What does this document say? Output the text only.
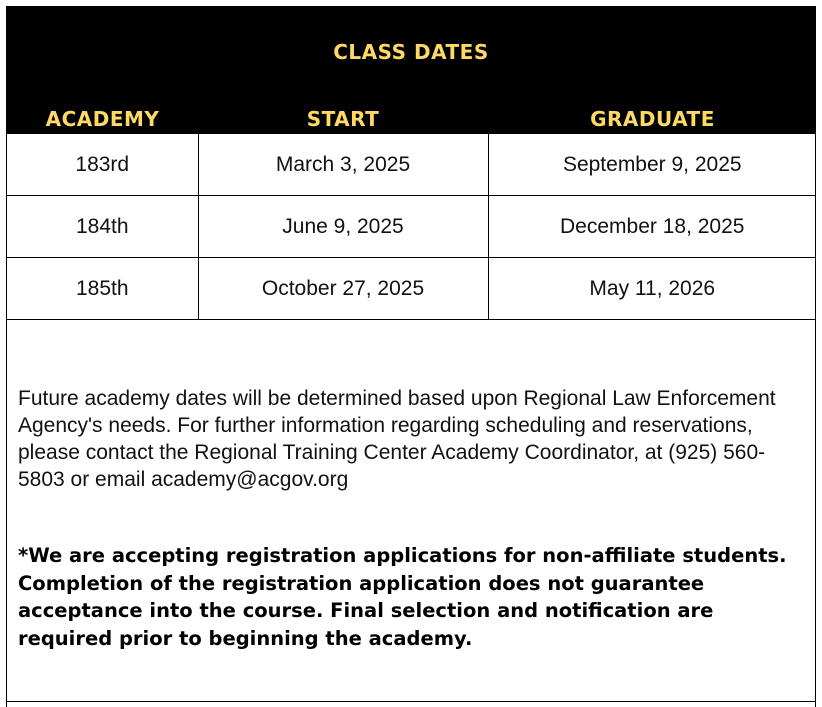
CLASS DATES
ACADEMY	START	GRADUATE
183rd	March 3, 2025	September 9, 2025
184th	June 9, 2025	December 18, 2025
185th	October 27, 2025	May 11, 2026

Future academy dates will be determined based upon Regional Law Enforcement Agency's needs. For further information regarding scheduling and reservations, please contact the Regional Training Center Academy Coordinator, at (925) 560-5803 or email academy@acgov.org

*We are accepting registration applications for non-affiliate students. Completion of the registration application does not guarantee acceptance into the course. Final selection and notification are required prior to beginning the academy.
